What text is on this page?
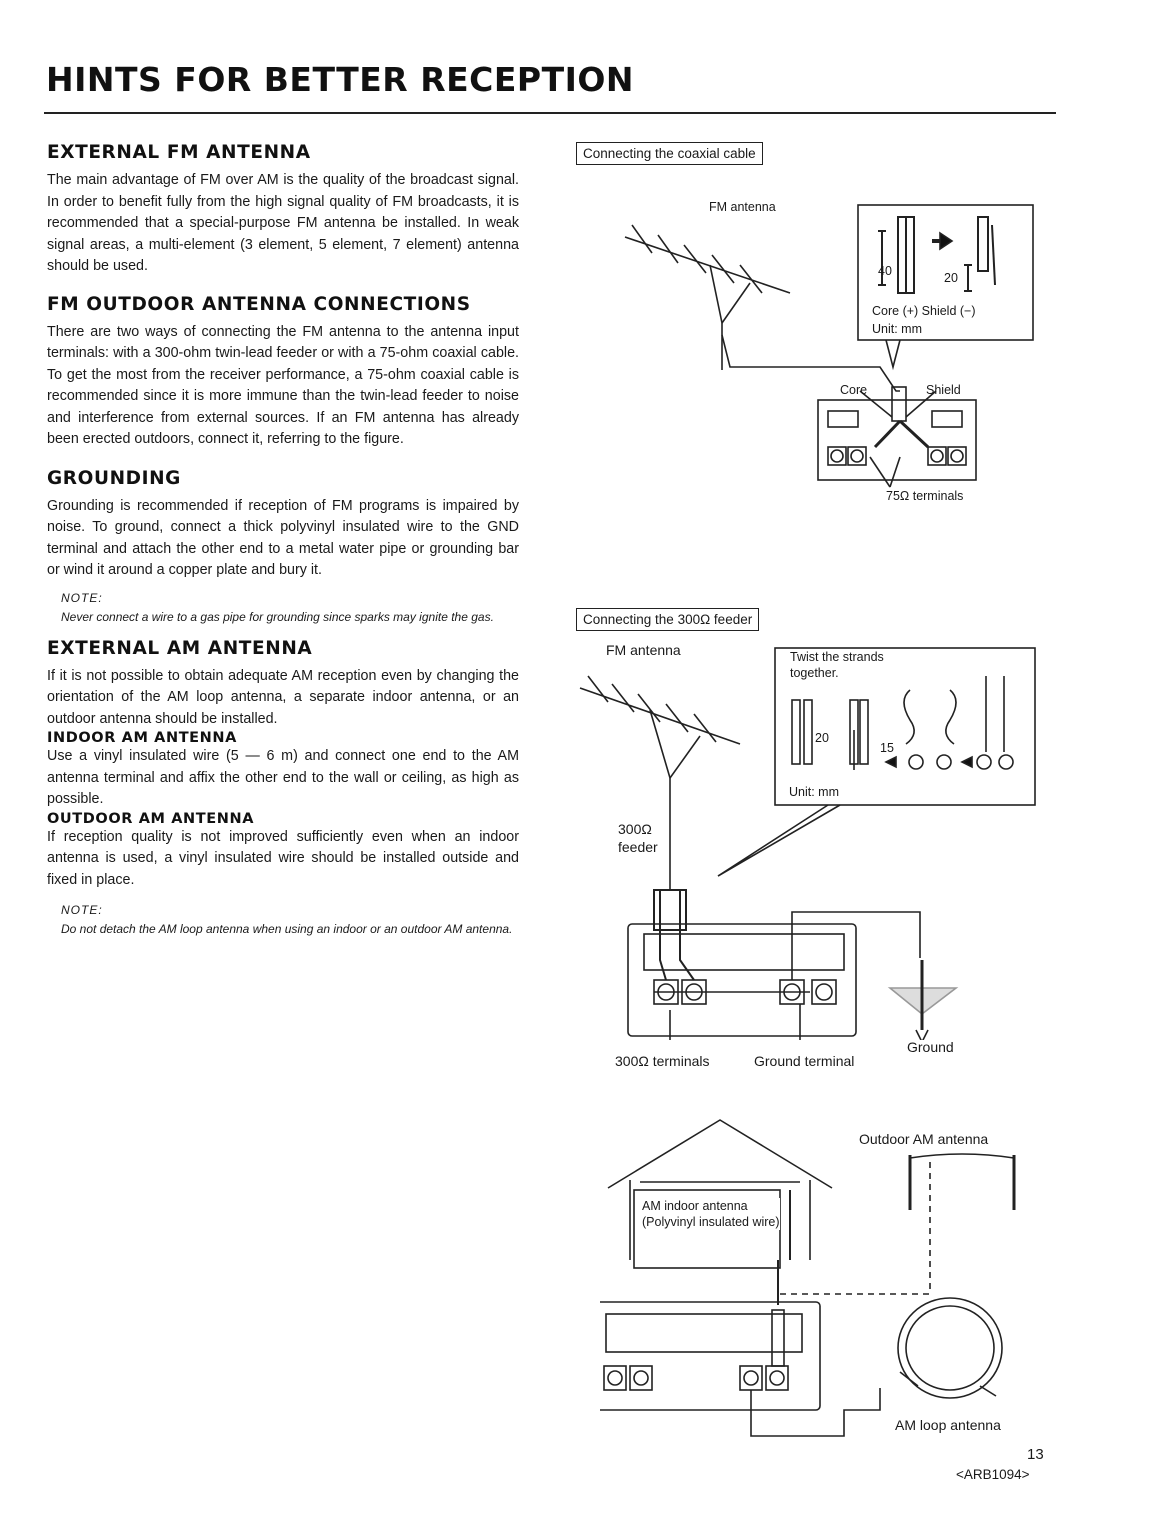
HINTS FOR BETTER RECEPTION
EXTERNAL FM ANTENNA

The main advantage of FM over AM is the quality of the broadcast signal. In order to benefit fully from the high signal quality of FM broadcasts, it is recommended that a special-purpose FM antenna be installed. In weak signal areas, a multi-element (3 element, 5 element, 7 element) antenna should be used.

FM OUTDOOR ANTENNA CONNECTIONS

There are two ways of connecting the FM antenna to the antenna input terminals: with a 300-ohm twin-lead feeder or with a 75-ohm coaxial cable. To get the most from the receiver performance, a 75-ohm coaxial cable is recommended since it is more immune than the twin-lead feeder to noise and interference from external sources. If an FM antenna has already been erected outdoors, connect it, referring to the figure.

GROUNDING

Grounding is recommended if reception of FM programs is impaired by noise. To ground, connect a thick polyvinyl insulated wire to the GND terminal and attach the other end to a metal water pipe or grounding bar or wind it around a copper plate and bury it.

NOTE:

Never connect a wire to a gas pipe for grounding since sparks may ignite the gas.

EXTERNAL AM ANTENNA

If it is not possible to obtain adequate AM reception even by changing the orientation of the AM loop antenna, a separate indoor antenna, or an outdoor antenna should be installed.

INDOOR AM ANTENNA

Use a vinyl insulated wire (5 — 6 m) and connect one end to the AM antenna terminal and affix the other end to the wall or ceiling, as high as possible.

OUTDOOR AM ANTENNA

If reception quality is not improved sufficiently even when an indoor antenna is used, a vinyl insulated wire should be installed outside and fixed in place.

NOTE:

Do not detach the AM loop antenna when using an indoor or an outdoor AM antenna.

Connecting the coaxial cable
FM antenna
40	20
Core (+) Shield (−)
Unit: mm
Core	Shield
75Ω terminals
Connecting the 300Ω feeder
FM antenna	Twist the strands together.
20
15
Unit: mm
300Ω feeder
300Ω terminals	Ground terminal
Ground
Outdoor AM antenna
AM indoor antenna (Polyvinyl insulated wire)
AM loop antenna
13
<ARB1094>
